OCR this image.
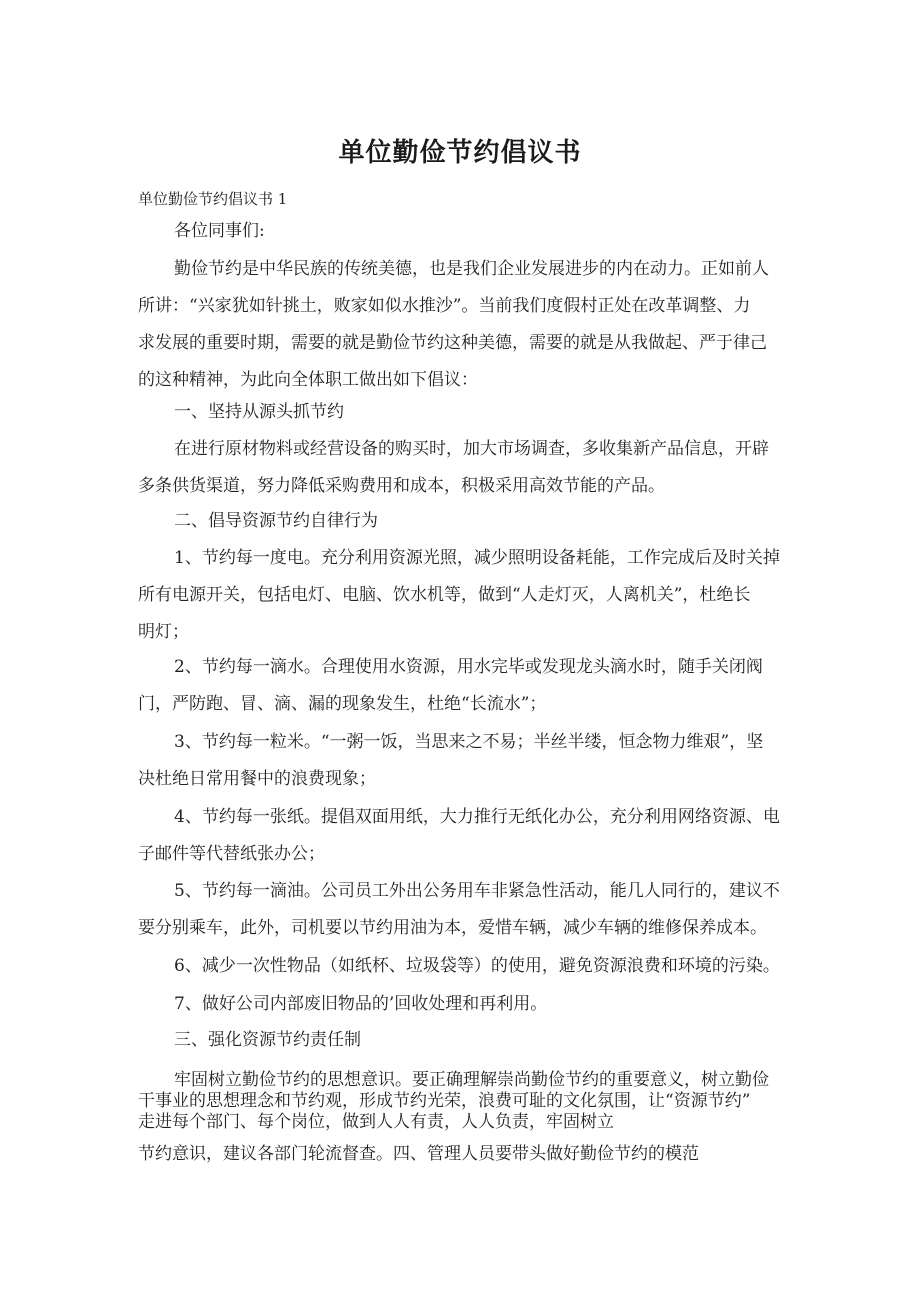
单位勤俭节约倡议书
单位勤俭节约倡议书 1
各位同事们:
勤俭节约是中华民族的传统美德，也是我们企业发展进步的内在动力。正如前人
所讲：“兴家犹如针挑土，败家如似水推沙”。当前我们度假村正处在改革调整、力
求发展的重要时期，需要的就是勤俭节约这种美德，需要的就是从我做起、严于律己
的这种精神，为此向全体职工做出如下倡议：
一、坚持从源头抓节约
在进行原材物料或经营设备的购买时，加大市场调查，多收集新产品信息，开辟
多条供货渠道，努力降低采购费用和成本，积极采用高效节能的产品。
二、倡导资源节约自律行为
1、节约每一度电。充分利用资源光照，减少照明设备耗能，工作完成后及时关掉
所有电源开关，包括电灯、电脑、饮水机等，做到“人走灯灭，人离机关”，杜绝长
明灯；
2、节约每一滴水。合理使用水资源，用水完毕或发现龙头滴水时，随手关闭阀
门，严防跑、冒、滴、漏的现象发生，杜绝“长流水”；
3、节约每一粒米。“一粥一饭，当思来之不易；半丝半缕，恒念物力维艰”，坚
决杜绝日常用餐中的浪费现象；
4、节约每一张纸。提倡双面用纸，大力推行无纸化办公，充分利用网络资源、电
子邮件等代替纸张办公；
5、节约每一滴油。公司员工外出公务用车非紧急性活动，能几人同行的，建议不
要分别乘车，此外，司机要以节约用油为本，爱惜车辆，减少车辆的维修保养成本。
6、减少一次性物品（如纸杯、垃圾袋等）的使用，避免资源浪费和环境的污染。
7、做好公司内部废旧物品的’回收处理和再利用。
三、强化资源节约责任制
牢固树立勤俭节约的思想意识。要正确理解崇尚勤俭节约的重要意义，树立勤俭
干事业的思想理念和节约观，形成节约光荣，浪费可耻的文化氛围，让“资源节约”
走进每个部门、每个岗位，做到人人有责，人人负责，牢固树立
节约意识，建议各部门轮流督查。四、管理人员要带头做好勤俭节约的模范
